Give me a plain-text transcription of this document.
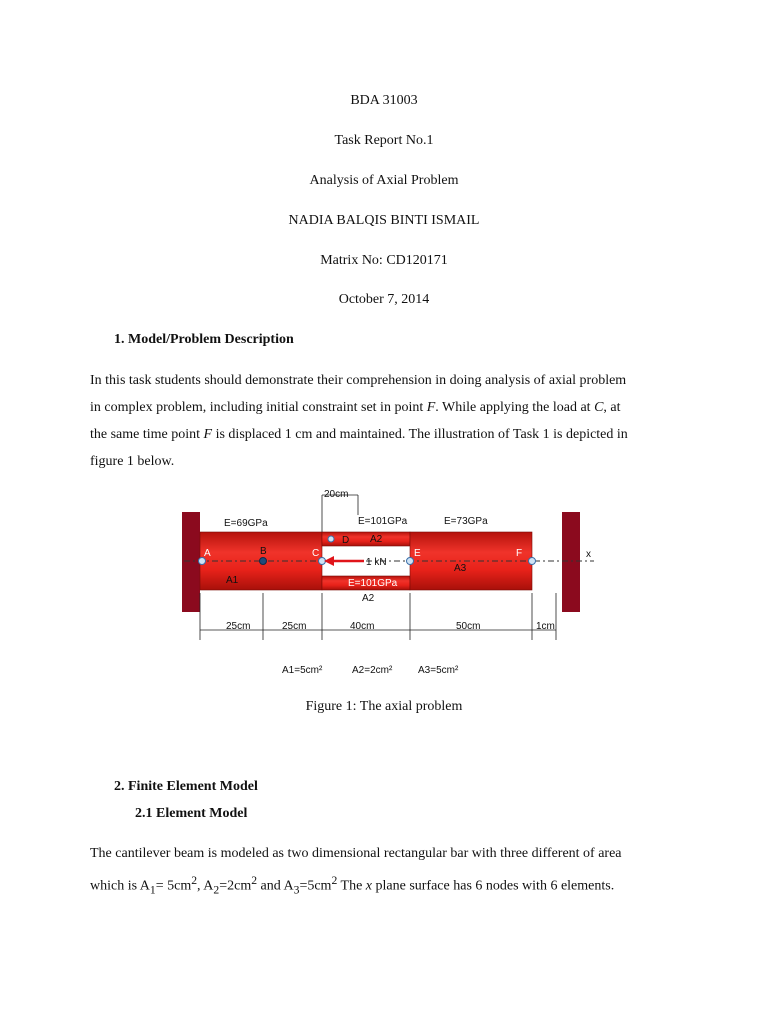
BDA 31003
Task Report No.1
Analysis of Axial Problem
NADIA BALQIS BINTI ISMAIL
Matrix No: CD120171
October 7, 2014
1. Model/Problem Description
In this task students should demonstrate their comprehension in doing analysis of axial problem
in complex problem, including initial constraint set in point F. While applying the load at C, at
the same time point F is displaced 1 cm and maintained. The illustration of Task 1 is depicted in
figure 1 below.
20cm
E=69GPa	E=101GPa	E=73GPa
E=101GPa
A	B	C
D
E	F	x
A2
A2
A1
A3
1 kN
25cm	25cm	40cm	50cm	1cm
A1=5cm²	A2=2cm²	A3=5cm²
Figure 1: The axial problem
2. Finite Element Model
2.1 Element Model
The cantilever beam is modeled as two dimensional rectangular bar with three different of area
which is $A_1= 5cm^2$, $A_2=2cm^2$ and $A_3=5cm^2$ The x plane surface has 6 nodes with 6 elements.
